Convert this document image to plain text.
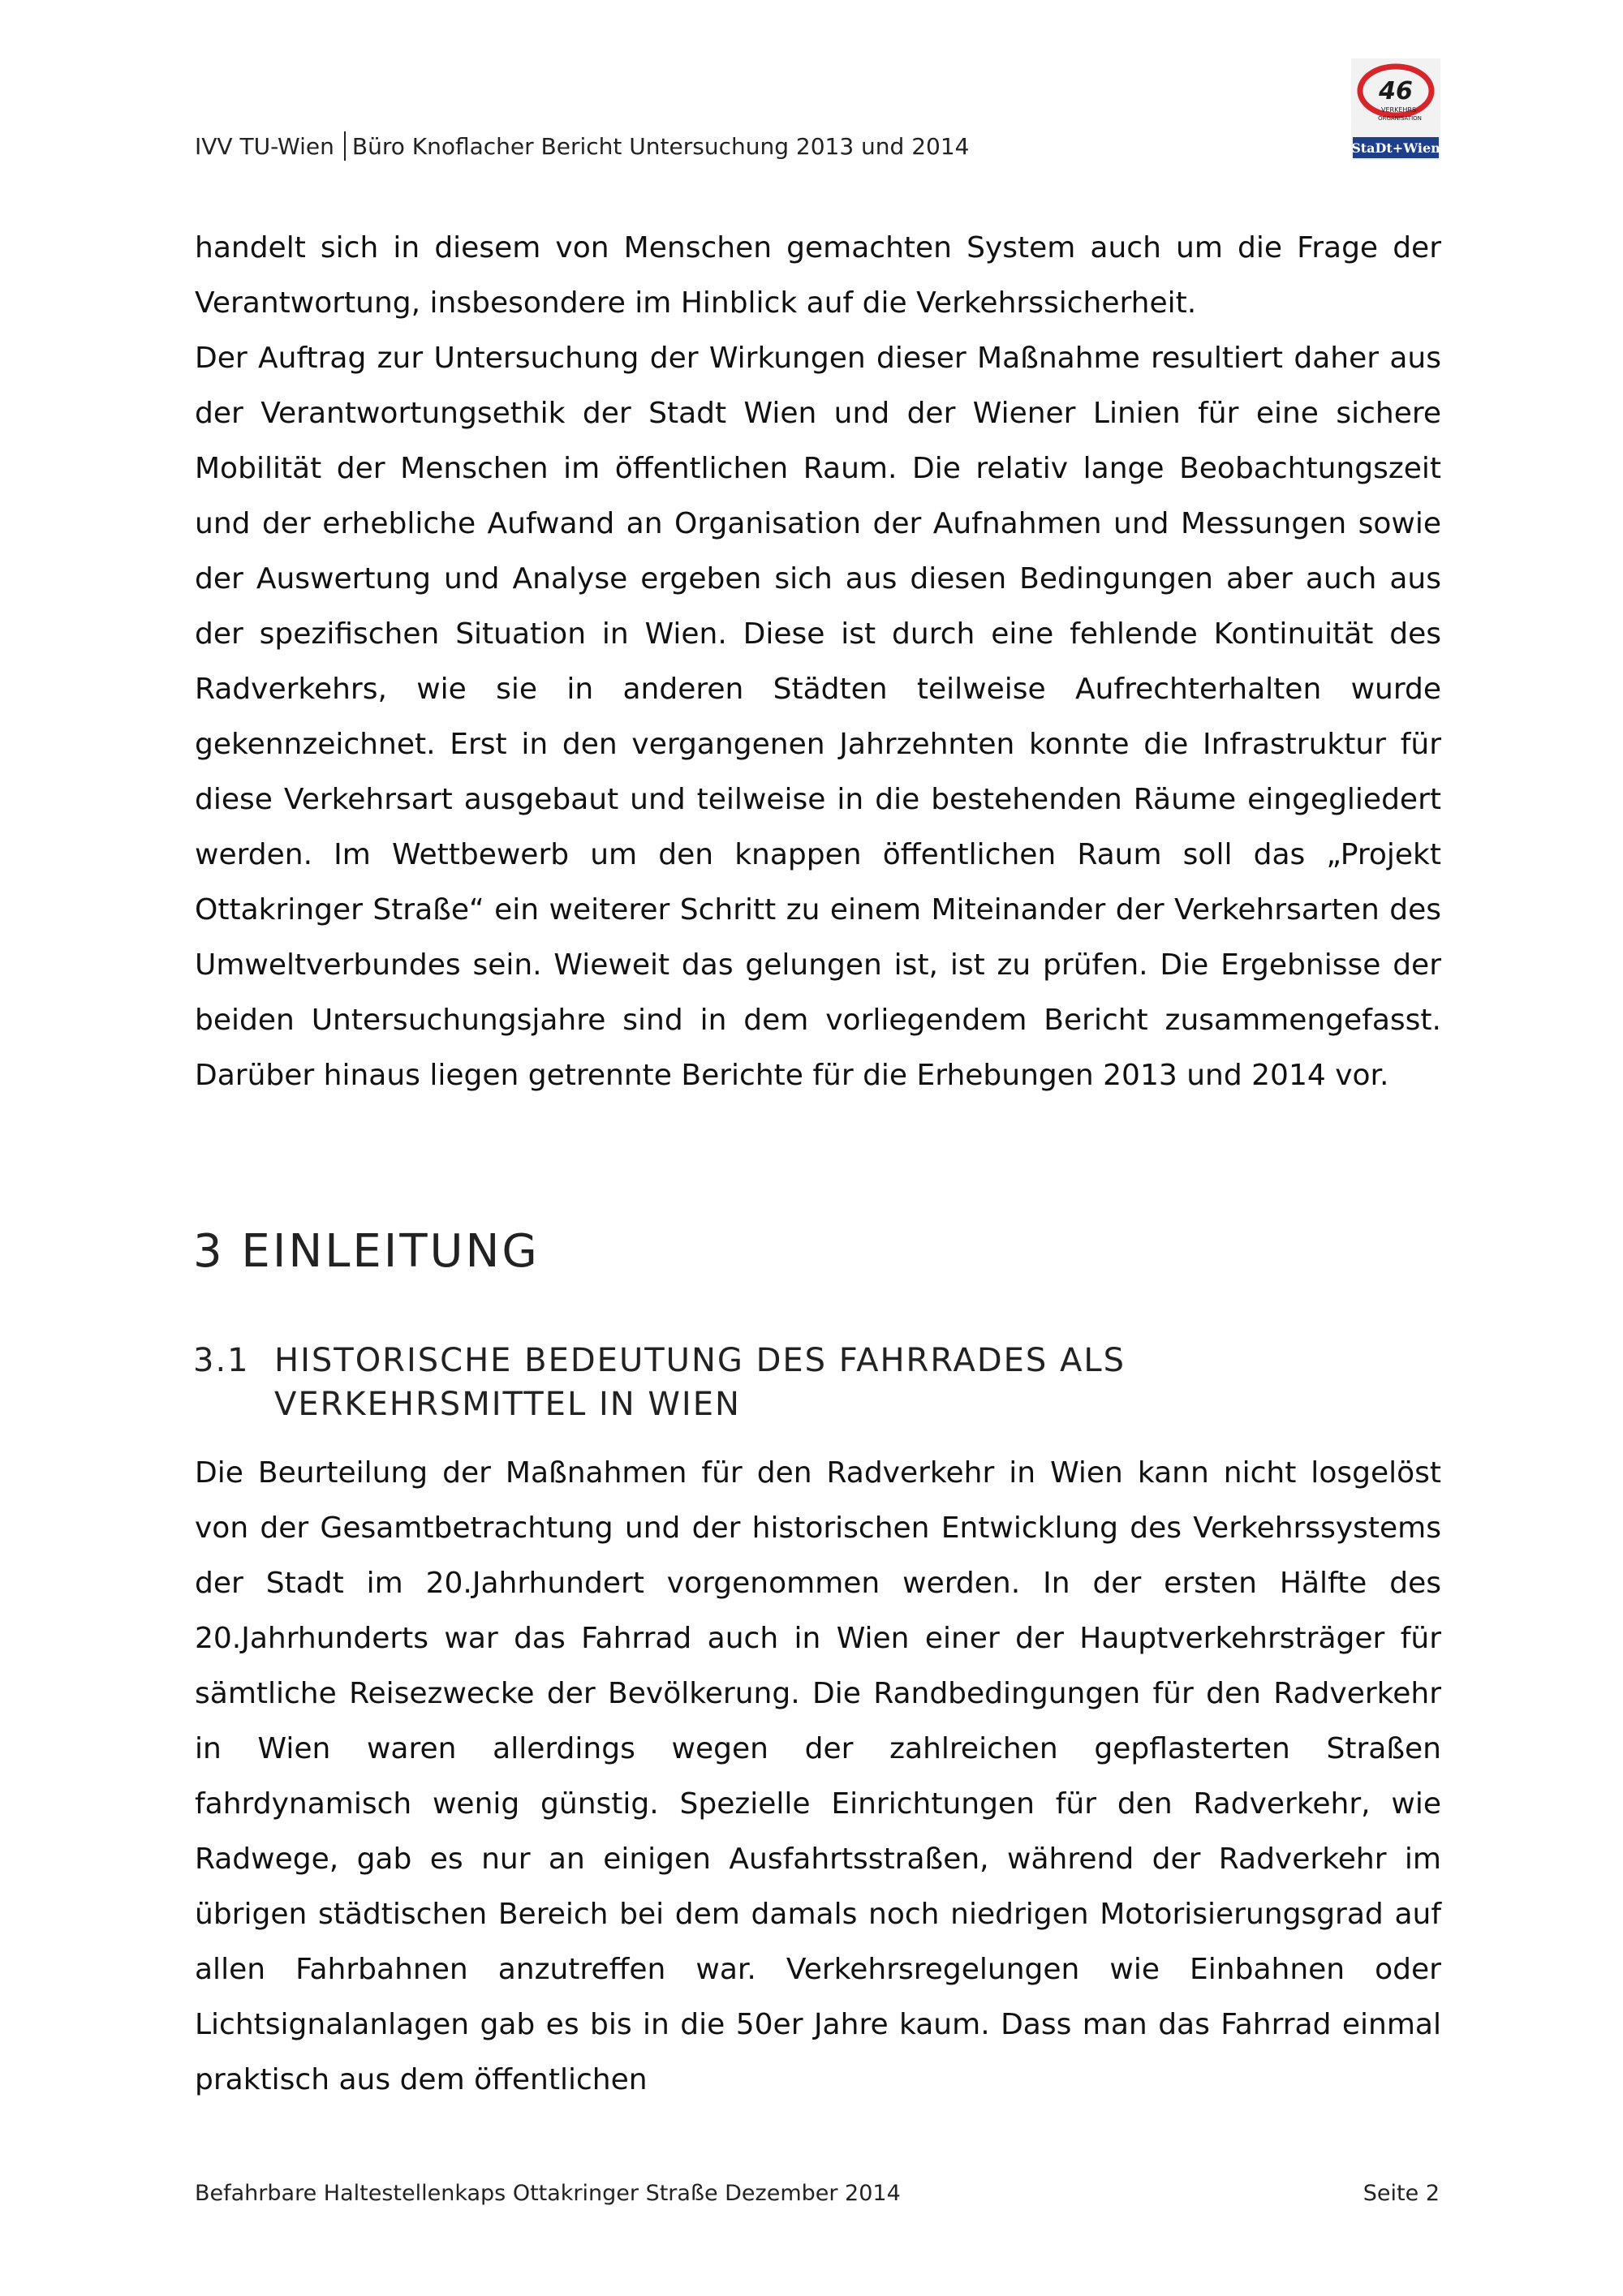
IVV TU-Wien Büro Knoflacher Bericht Untersuchung 2013 und 2014
46
VERKEHRS-
ORGANISATION
StaDt+Wien

handelt sich in diesem von Menschen gemachten System auch um die Frage der Verantwortung, insbesondere im Hinblick auf die Verkehrssicherheit.

Der Auftrag zur Untersuchung der Wirkungen dieser Maßnahme resultiert daher aus der Verantwortungsethik der Stadt Wien und der Wiener Linien für eine sichere Mobilität der Menschen im öffentlichen Raum. Die relativ lange Beobachtungszeit und der erhebliche Aufwand an Organisation der Aufnahmen und Messungen sowie der Auswertung und Analyse ergeben sich aus diesen Bedingungen aber auch aus der spezifischen Situation in Wien. Diese ist durch eine fehlende Kontinuität des Radverkehrs, wie sie in anderen Städten teilweise Aufrechterhalten wurde gekennzeichnet. Erst in den vergangenen Jahrzehnten konnte die Infrastruktur für diese Verkehrsart ausgebaut und teilweise in die bestehenden Räume eingegliedert werden. Im Wettbewerb um den knappen öffentlichen Raum soll das „Projekt Ottakringer Straße“ ein weiterer Schritt zu einem Miteinander der Verkehrsarten des Umweltverbundes sein. Wieweit das gelungen ist, ist zu prüfen. Die Ergebnisse der beiden Untersuchungsjahre sind in dem vorliegendem Bericht zusammengefasst. Darüber hinaus liegen getrennte Berichte für die Erhebungen 2013 und 2014 vor.

3 EINLEITUNG
3.1 HISTORISCHE BEDEUTUNG DES FAHRRADES ALS
VERKEHRSMITTEL IN WIEN

Die Beurteilung der Maßnahmen für den Radverkehr in Wien kann nicht losgelöst von der Gesamtbetrachtung und der historischen Entwicklung des Verkehrssystems der Stadt im 20.Jahrhundert vorgenommen werden. In der ersten Hälfte des 20.Jahrhunderts war das Fahrrad auch in Wien einer der Hauptverkehrsträger für sämtliche Reisezwecke der Bevölkerung. Die Randbedingungen für den Radverkehr in Wien waren allerdings wegen der zahlreichen gepflasterten Straßen fahrdynamisch wenig günstig. Spezielle Einrichtungen für den Radverkehr, wie Radwege, gab es nur an einigen Ausfahrtsstraßen, während der Radverkehr im übrigen städtischen Bereich bei dem damals noch niedrigen Motorisierungsgrad auf allen Fahrbahnen anzutreffen war. Verkehrsregelungen wie Einbahnen oder Lichtsignalanlagen gab es bis in die 50er Jahre kaum. Dass man das Fahrrad einmal praktisch aus dem öffentlichen

Befahrbare Haltestellenkaps Ottakringer Straße Dezember 2014	Seite 2
